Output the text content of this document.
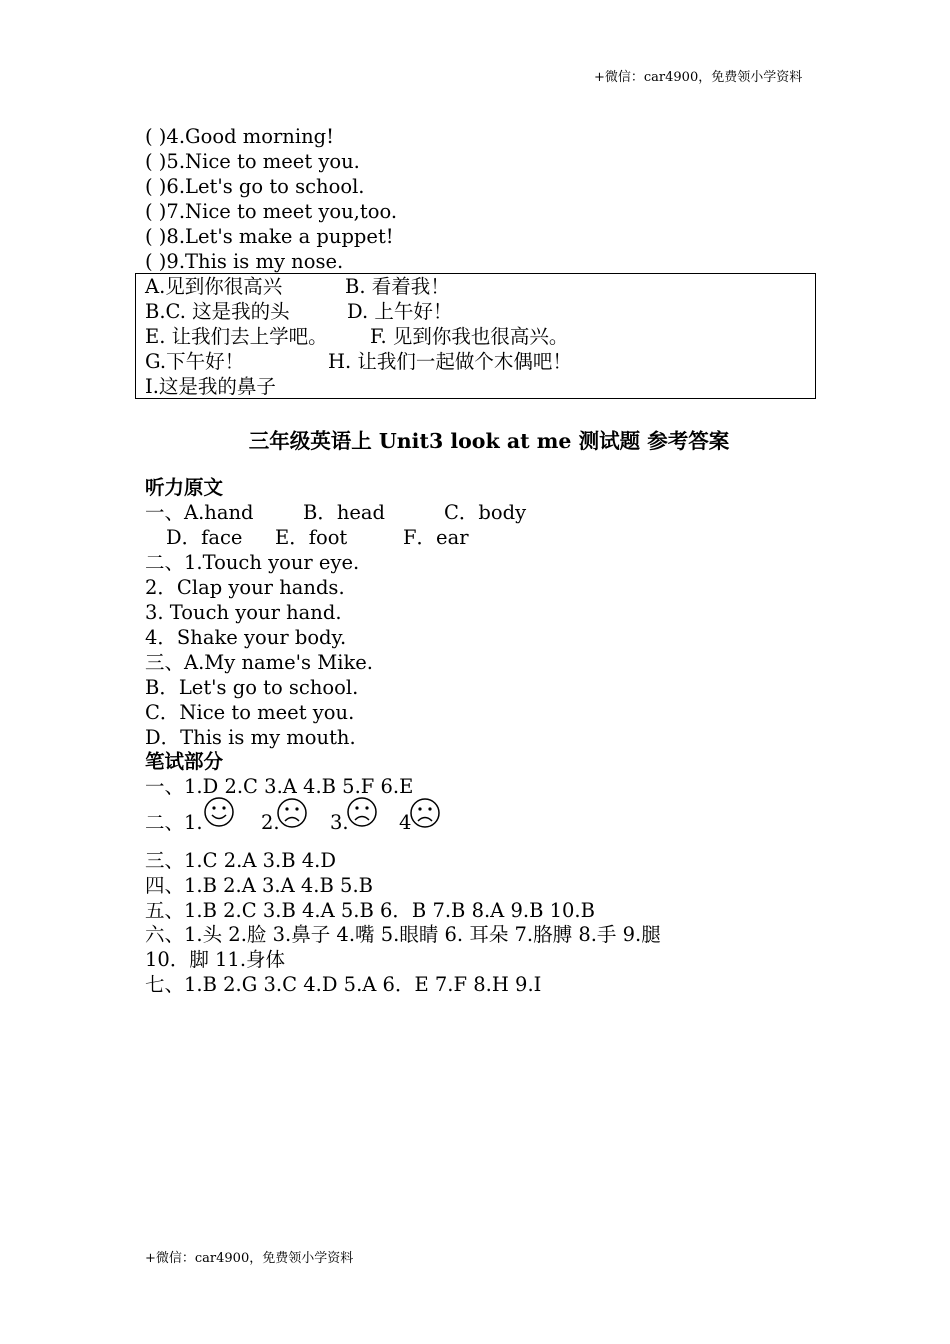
+微信：car4900，免费领小学资料
( )4.Good morning!
( )5.Nice to meet you.
( )6.Let's go to school.
( )7.Nice to meet you,too.
( )8.Let's make a puppet!
( )9.This is my nose.
A.见到你很高兴	B. 看着我！
B.C. 这是我的头	D. 上午好！
E. 让我们去上学吧。 F. 见到你我也很高兴。
G.下午好！	H. 让我们一起做个木偶吧！
I.这是我的鼻子
三年级英语上 Unit3 look at me 测试题 参考答案
听力原文
一、A.hand	B．head	C．body
D．face E．foot	F．ear
二、1.Touch your eye.
2．Clap your hands.
3. Touch your hand.
4．Shake your body.
三、A.My name's Mike.
B．Let's go to school.
C．Nice to meet you.
D．This is my mouth.
笔试部分
一、1.D 2.C 3.A 4.B 5.F 6.E
二、1.	2.	3.	4
三、1.C 2.A 3.B 4.D
四、1.B 2.A 3.A 4.B 5.B
五、1.B 2.C 3.B 4.A 5.B 6．B 7.B 8.A 9.B 10.B
六、1.头 2.脸 3.鼻子 4.嘴 5.眼睛 6. 耳朵 7.胳膊 8.手 9.腿
10．脚 11.身体
七、1.B 2.G 3.C 4.D 5.A 6．E 7.F 8.H 9.I
+微信：car4900，免费领小学资料
